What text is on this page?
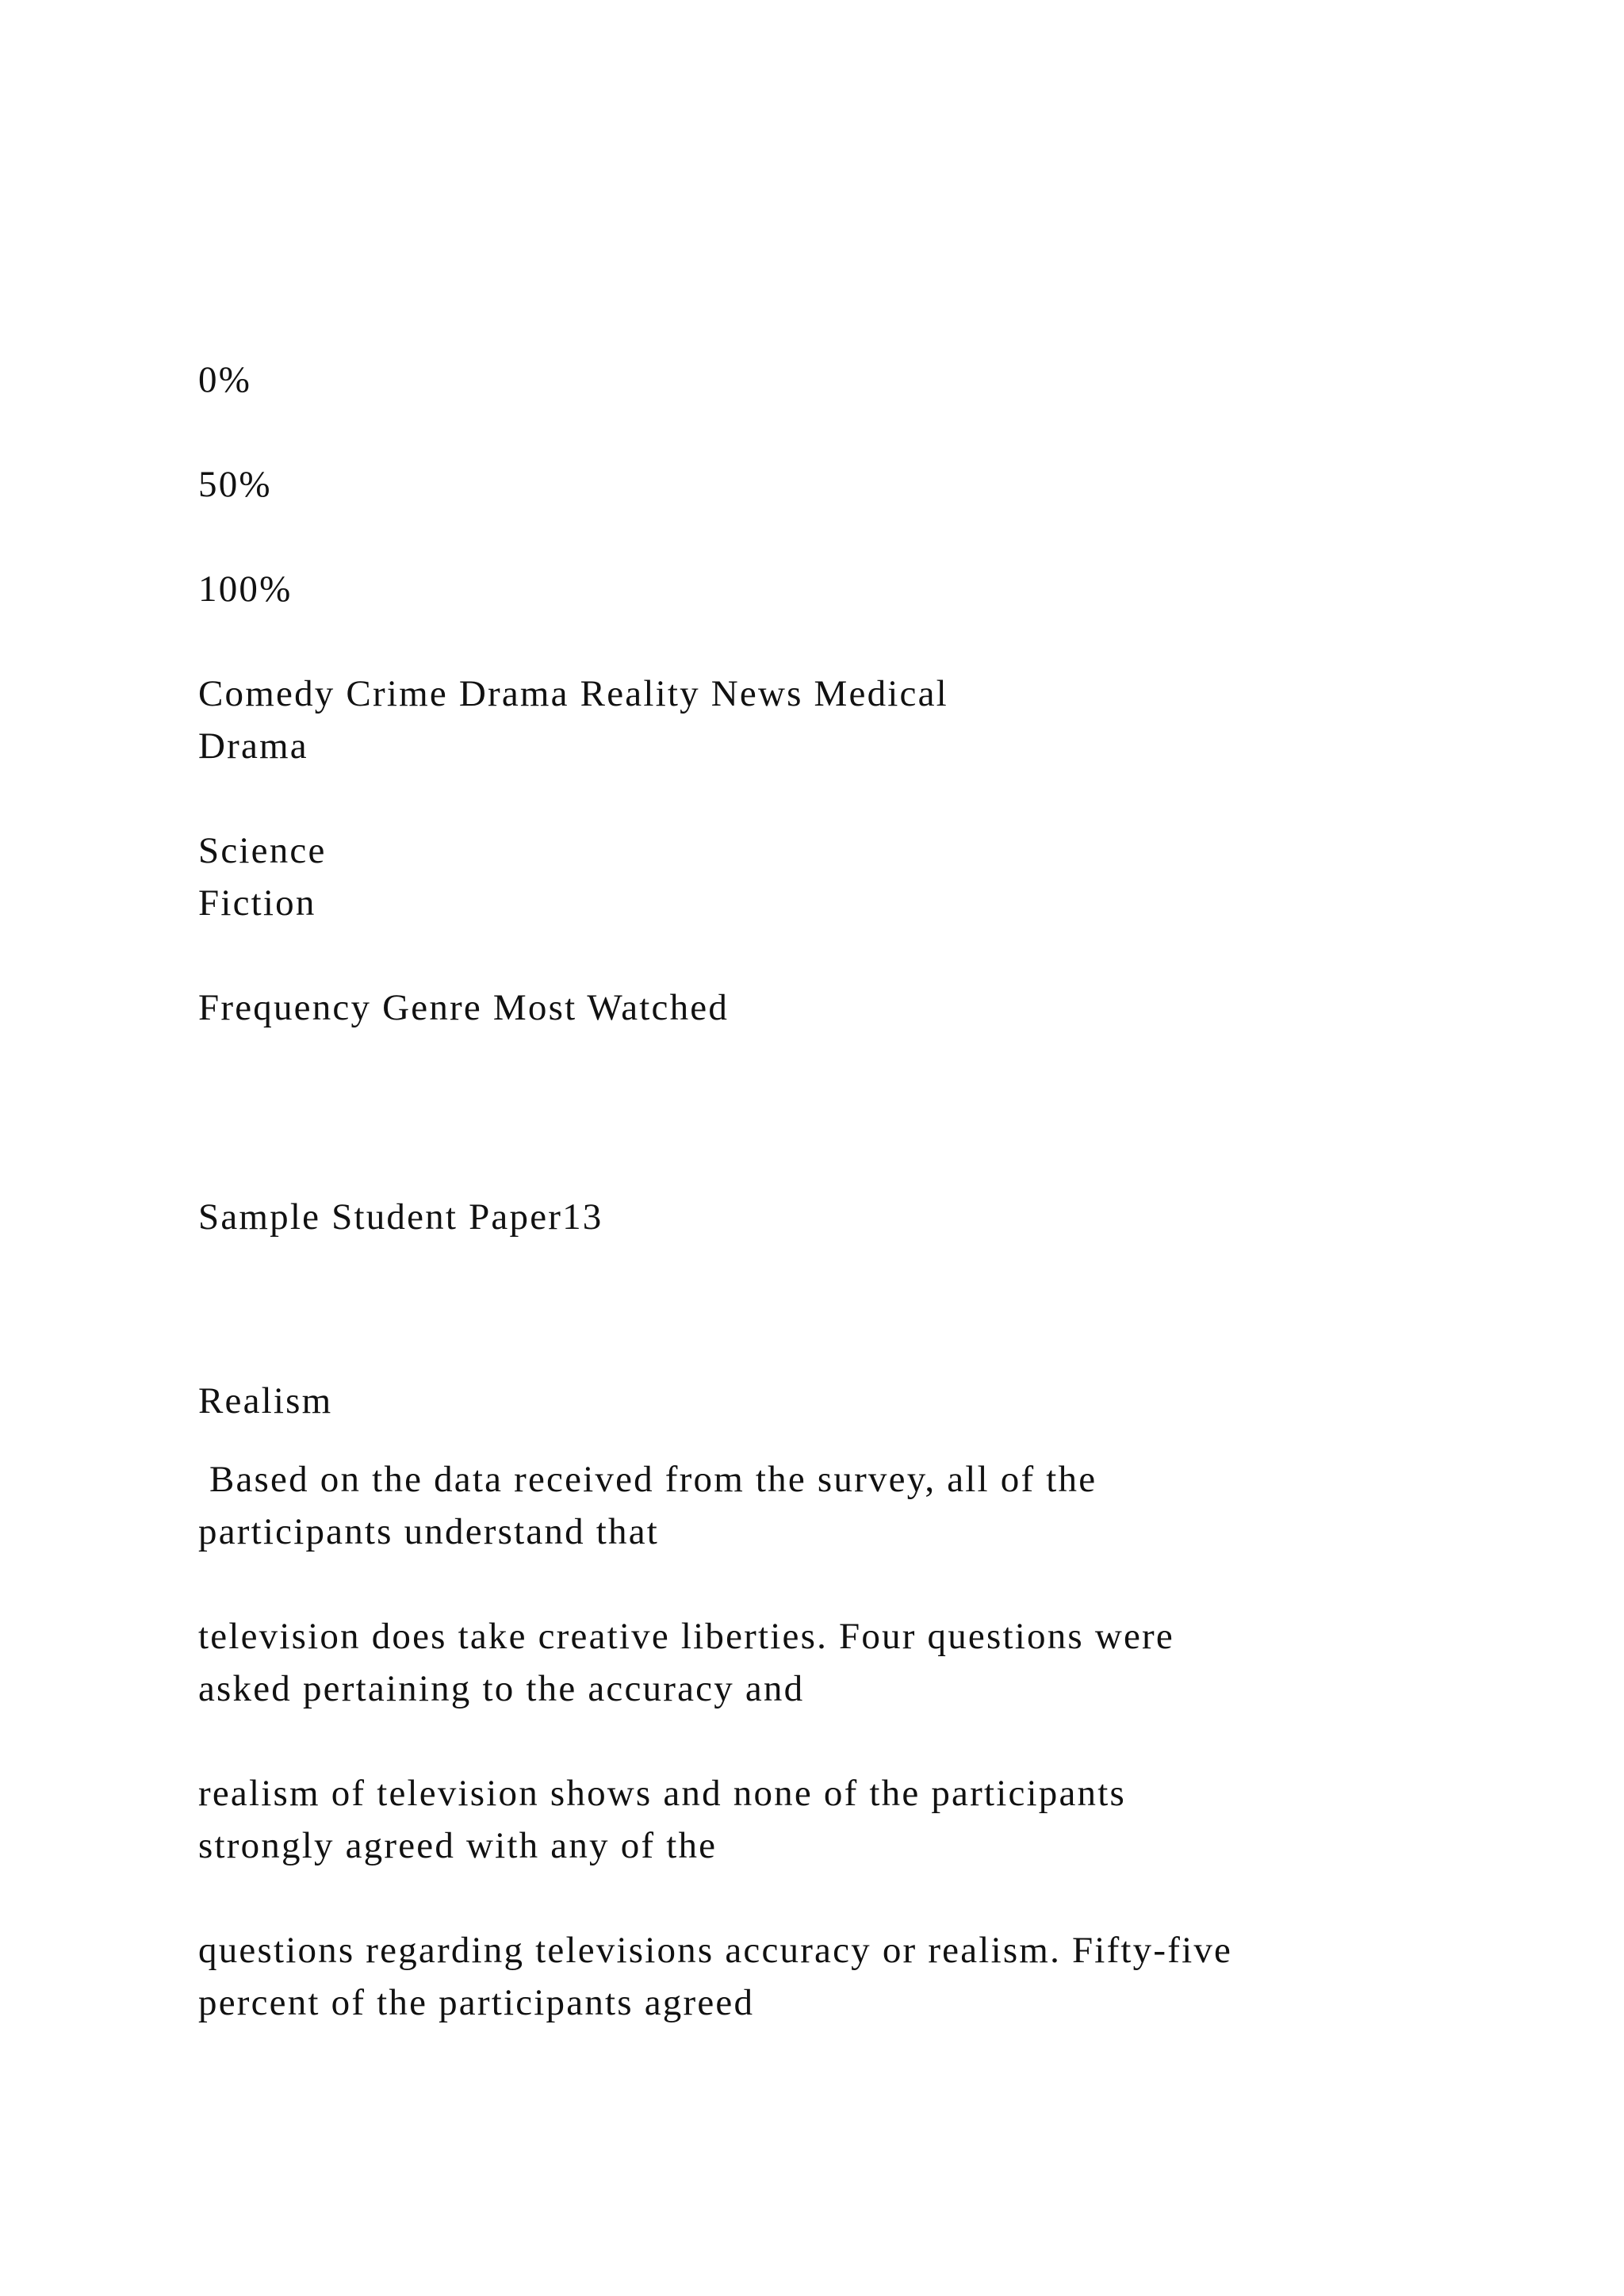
0%

50%

100%

Comedy Crime Drama Reality News Medical
Drama
Science
Fiction

Frequency Genre Most Watched

Sample Student Paper13

Realism

Based on the data received from the survey, all of the
participants understand that
television does take creative liberties. Four questions were
asked pertaining to the accuracy and
realism of television shows and none of the participants
strongly agreed with any of the
questions regarding televisions accuracy or realism. Fifty-five
percent of the participants agreed
